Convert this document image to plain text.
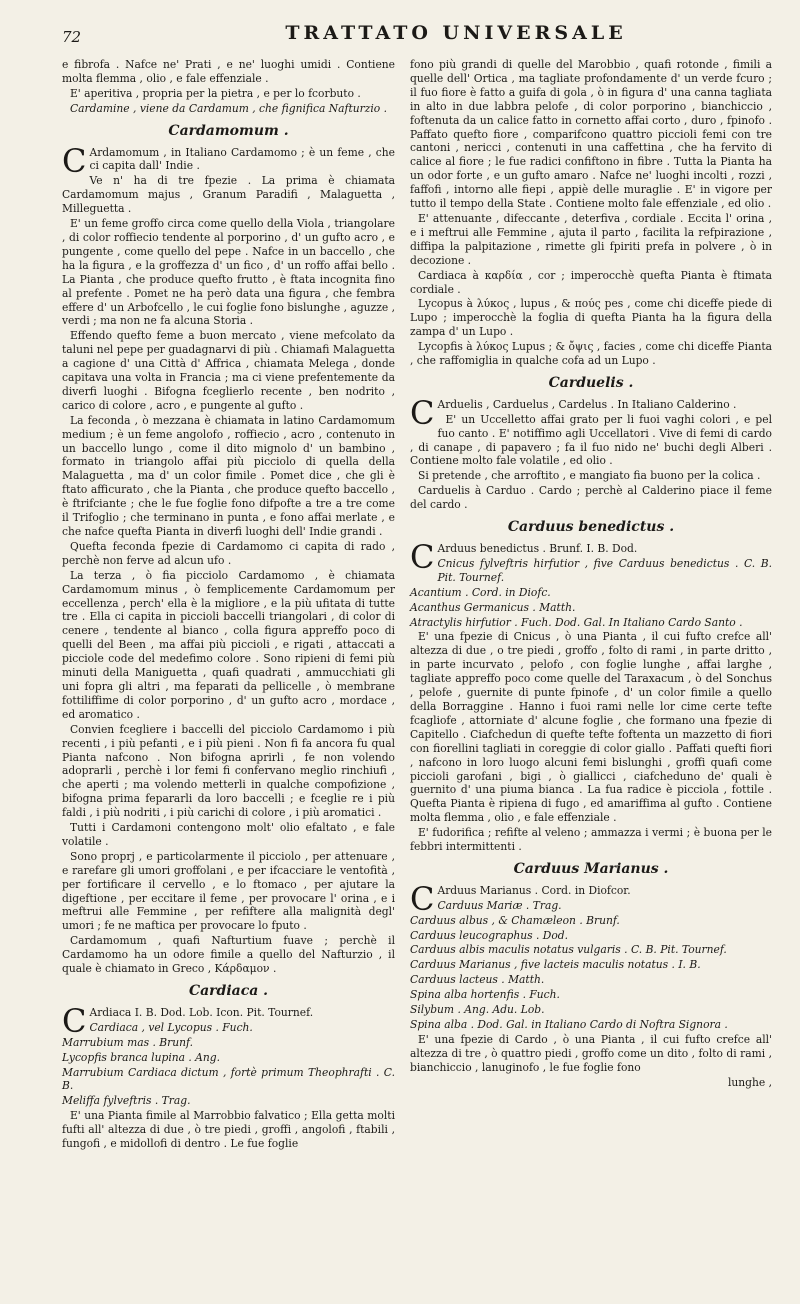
72	TRATTATO UNIVERSALE

e fibrofa . Nafce ne' Prati , e ne' luoghi umidi . Contiene molta flemma , olio , e fale effenziale .

E' aperitiva , propria per la pietra , e per lo fcorbuto .

Cardamine , viene da Cardamum , che fignifica Nafturzio .

Cardamomum .

C Ardamomum , in Italiano Cardamomo ; è un feme , che ci capita dall' Indie .

Ve n' ha di tre fpezie . La prima è chiamata Cardamomum majus , Granum Paradifi , Malaguetta , Milleguetta .

E' un feme groffo circa come quello della Viola , triangolare , di color roffiecio tendente al porporino , d' un gufto acro , e pungente , come quello del pepe . Nafce in un baccello , che ha la figura , e la groffezza d' un fico , d' un roffo affai bello . La Pianta , che produce quefto frutto , è ftata incognita fino al prefente . Pomet ne ha però data una figura , che fembra effere d' un Arbofcello , le cui foglie fono bislunghe , aguzze , verdi ; ma non ne fa alcuna Storia .

Effendo quefto feme a buon mercato , viene mefcolato da taluni nel pepe per guadagnarvi di più . Chiamafi Malaguetta a cagione d' una Città d' Affrica , chiamata Melega , donde capitava una volta in Francia ; ma ci viene prefentemente da diverfi luoghi . Bifogna fceglierlo recente , ben nodrito , carico di colore , acro , e pungente al gufto .

La feconda , ò mezzana è chiamata in latino Cardamomum medium ; è un feme angolofo , roffiecio , acro , contenuto in un baccello lungo , come il dito mignolo d' un bambino , formato in triangolo affai più picciolo di quella della Malaguetta , ma d' un color fimile . Pomet dice , che gli è ftato afficurato , che la Pianta , che produce quefto baccello , è ftrifciante ; che le fue foglie fono difpofte a tre a tre come il Trifoglio ; che terminano in punta , e fono affai merlate , e che nafce quefta Pianta in diverfi luoghi dell' Indie grandi .

Quefta feconda fpezie di Cardamomo ci capita di rado , perchè non ferve ad alcun ufo .

La terza , ò fia picciolo Cardamomo , è chiamata Cardamomum minus , ò femplicemente Cardamomum per eccellenza , perch' ella è la migliore , e la più ufitata di tutte tre . Ella ci capita in piccioli baccelli triangolari , di color di cenere , tendente al bianco , colla figura appreffo poco di quelli del Been , ma affai più piccioli , e rigati , attaccati a picciole code del medefimo colore . Sono ripieni di femi più minuti della Maniguetta , quafi quadrati , ammucchiati gli uni fopra gli altri , ma feparati da pellicelle , ò membrane fottiliffime di color porporino , d' un gufto acro , mordace , ed aromatico .

Convien fcegliere i baccelli del picciolo Cardamomo i più recenti , i più pefanti , e i più pieni . Non fi fa ancora fu qual Pianta nafcono . Non bifogna aprirli , fe non volendo adoprarli , perchè i lor femi fi confervano meglio rinchiufi , che aperti ; ma volendo metterli in qualche compofizione , bifogna prima fepararli da loro baccelli ; e fceglie re i più faldi , i più nodriti , i più carichi di colore , i più aromatici .

Tutti i Cardamoni contengono molt' olio efaltato , e fale volatile .

Sono proprj , e particolarmente il picciolo , per attenuare , e rarefare gli umori groffolani , e per ifcacciare le ventofità , per fortificare il cervello , e lo ftomaco , per ajutare la digeftione , per eccitare il feme , per provocare l' orina , e i meftrui alle Femmine , per refiftere alla malignità degl' umori ; fe ne maftica per provocare lo fputo .

Cardamomum , quafi Nafturtium fuave ; perchè il Cardamomo ha un odore fimile a quello del Nafturzio , il quale è chiamato in Greco , Κάρδαμον .

Cardiaca .

C Ardiaca I. B. Dod. Lob. Icon. Pit. Tournef.

Cardiaca , vel Lycopus . Fuch.

Marrubium mas . Brunf.

Lycopfis branca lupina . Ang.

Marrubium Cardiaca dictum , fortè primum Theophrafti . C. B.

Meliffa fylveftris . Trag.

E' una Pianta fimile al Marrobbio falvatico ; Ella getta molti fufti all' altezza di due , ò tre piedi , groffi , angolofi , ftabili , fungofi , e midollofi di dentro . Le fue foglie

fono più grandi di quelle del Marobbio , quafi rotonde , fimili a quelle dell' Ortica , ma tagliate profondamente d' un verde fcuro ; il fuo fiore è fatto a guifa di gola , ò in figura d' una canna tagliata in alto in due labbra pelofe , di color porporino , bianchiccio , foftenuta da un calice fatto in cornetto affai corto , duro , fpinofo . Paffato quefto fiore , comparifcono quattro piccioli femi con tre cantoni , nericci , contenuti in una caffettina , che ha fervito di calice al fiore ; le fue radici confiftono in fibre . Tutta la Pianta ha un odor forte , e un gufto amaro . Nafce ne' luoghi incolti , rozzi , faffofi , intorno alle fiepi , appiè delle muraglie . E' in vigore per tutto il tempo della State . Contiene molto fale effenziale , ed olio .

E' attenuante , difeccante , deterfiva , cordiale . Eccita l' orina , e i meftrui alle Femmine , ajuta il parto , facilita la refpirazione , diffipa la palpitazione , rimette gli fpiriti prefa in polvere , ò in decozione .

Cardiaca à καρδία , cor ; imperocchè quefta Pianta è ftimata cordiale .

Lycopus à λύκος , lupus , & πούς pes , come chi diceffe piede di Lupo ; imperocchè la foglia di quefta Pianta ha la figura della zampa d' un Lupo .

Lycopfis à λύκος Lupus ; & ὄψις , facies , come chi diceffe Pianta , che raffomiglia in qualche cofa ad un Lupo .

Carduelis .

C Arduelis , Carduelus , Cardelus . In Italiano Calderino .

E' un Uccelletto affai grato per li fuoi vaghi colori , e pel fuo canto . E' notiffimo agli Uccellatori . Vive di femi di cardo , di canape , di papavero ; fa il fuo nido ne' buchi degli Alberi . Contiene molto fale volatile , ed olio .

Si pretende , che arroftito , e mangiato fia buono per la colica .

Carduelis à Carduo . Cardo ; perchè al Calderino piace il feme del cardo .

Carduus benedictus .

C Arduus benedictus . Brunf. I. B. Dod.

Cnicus fylveftris hirfutior , five Carduus benedictus . C. B. Pit. Tournef.

Acantium . Cord. in Diofc.

Acanthus Germanicus . Matth.

Atractylis hirfutior . Fuch. Dod. Gal. In Italiano Cardo Santo .

E' una fpezie di Cnicus , ò una Pianta , il cui fufto crefce all' altezza di due , o tre piedi , groffo , folto di rami , in parte dritto , in parte incurvato , pelofo , con foglie lunghe , affai larghe , tagliate appreffo poco come quelle del Taraxacum , ò del Sonchus , pelofe , guernite di punte fpinofe , d' un color fimile a quello della Borraggine . Hanno i fuoi rami nelle lor cime certe tefte fcagliofe , attorniate d' alcune foglie , che formano una fpezie di Capitello . Ciafchedun di quefte tefte foftenta un mazzetto di fiori con fiorellini tagliati in coreggie di color giallo . Paffati quefti fiori , nafcono in loro luogo alcuni femi bislunghi , groffi quafi come piccioli garofani , bigi , ò giallicci , ciafcheduno de' quali è guernito d' una piuma bianca . La fua radice è picciola , fottile . Quefta Pianta è ripiena di fugo , ed amariffima al gufto . Contiene molta flemma , olio , e fale effenziale .

E' fudorifica ; refifte al veleno ; ammazza i vermi ; è buona per le febbri intermittenti .

Carduus Marianus .

C Arduus Marianus . Cord. in Diofcor.

Carduus Mariæ . Trag.

Carduus albus , & Chamæleon . Brunf.

Carduus leucographus . Dod.

Carduus albis maculis notatus vulgaris . C. B. Pit. Tournef.

Carduus Marianus , five lacteis maculis notatus . I. B.

Carduus lacteus . Matth.

Spina alba hortenfis . Fuch.

Silybum . Ang. Adu. Lob.

Spina alba . Dod. Gal. in Italiano Cardo di Noftra Signora .

E' una fpezie di Cardo , ò una Pianta , il cui fufto crefce all' altezza di tre , ò quattro piedi , groffo come un dito , folto di rami , bianchiccio , lanuginofo , le fue foglie fono

lunghe ,
